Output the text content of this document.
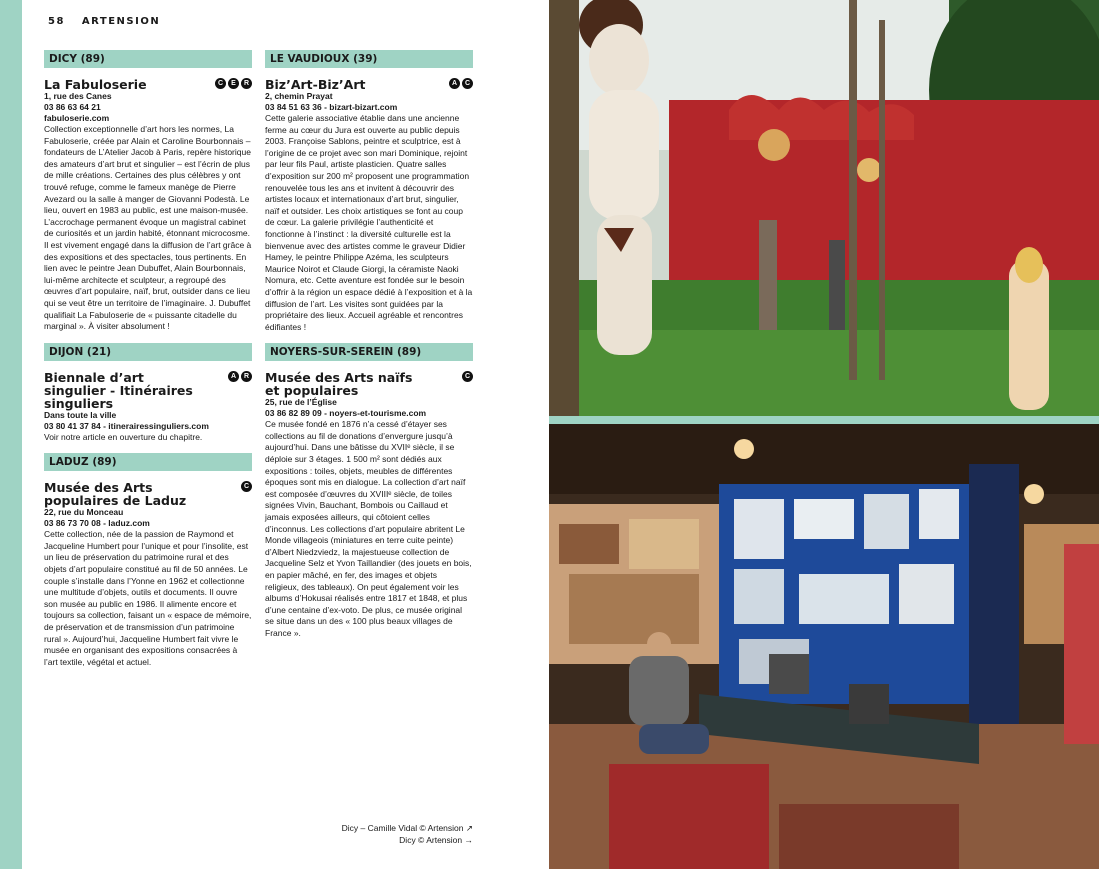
58 ARTENSION
DICY (89)
C E R
La Fabuloserie
1, rue des Canes
03 86 63 64 21
fabuloserie.com

Collection exceptionnelle d’art hors les normes, La Fabuloserie, créée par Alain et Caroline Bourbonnais – fondateurs de L’Atelier Jacob à Paris, repère historique des amateurs d’art brut et singulier – est l’écrin de plus de mille créations. Certaines des plus célèbres y ont trouvé refuge, comme le fameux manège de Pierre Avezard ou la salle à manger de Giovanni Podestà. Le lieu, ouvert en 1983 au public, est une maison-musée. L’accrochage permanent évoque un magistral cabinet de curiosités et un jardin habité, étonnant microcosme. Il est vivement engagé dans la diffusion de l’art grâce à des expositions et des spectacles, tous pertinents. En lien avec le peintre Jean Dubuffet, Alain Bourbonnais, lui-même architecte et sculpteur, a regroupé des œuvres d’art populaire, naïf, brut, outsider dans ce lieu qui se veut être un territoire de l’imaginaire. J. Dubuffet qualifiait La Fabuloserie de « puissante citadelle du marginal ». À visiter absolument !

DIJON (21)
A R
Biennale d’art singulier - Itinéraires singuliers
Dans toute la ville
03 80 41 37 84 - itinerairessinguliers.com

Voir notre article en ouverture du chapitre.

LADUZ (89)
C
Musée des Arts populaires de Laduz
22, rue du Monceau
03 86 73 70 08 - laduz.com

Cette collection, née de la passion de Raymond et Jacqueline Humbert pour l’unique et pour l’insolite, est un lieu de préservation du patrimoine rural et des objets d’art populaire constitué au fil de 50 années. Le couple s’installe dans l’Yonne en 1962 et collectionne une multitude d’objets, outils et documents. Il ouvre son musée au public en 1986. Il alimente encore et toujours sa collection, faisant un « espace de mémoire, de préservation et de transmission d’un patrimoine rural ». Aujourd’hui, Jacqueline Humbert fait vivre le musée en organisant des expositions consacrées à l’art textile, végétal et actuel.

LE VAUDIOUX (39)
A C
Biz’Art-Biz’Art
2, chemin Prayat
03 84 51 63 36 - bizart-bizart.com

Cette galerie associative établie dans une ancienne ferme au cœur du Jura est ouverte au public depuis 2003. Françoise Sablons, peintre et sculptrice, est à l’origine de ce projet avec son mari Dominique, rejoint par leur fils Paul, artiste plasticien. Quatre salles d’exposition sur 200 m² proposent une programmation renouvelée tous les ans et invitent à découvrir des artistes locaux et internationaux d’art brut, singulier, naïf et outsider. Les choix artistiques se font au coup de cœur. La galerie privilégie l’authenticité et fonctionne à l’instinct : la diversité culturelle est la bienvenue avec des artistes comme le graveur Didier Hamey, le peintre Philippe Azéma, les sculpteurs Maurice Noirot et Claude Giorgi, la céramiste Naoki Nomura, etc. Cette aventure est fondée sur le besoin d’offrir à la région un espace dédié à l’exposition et à la diffusion de l’art. Les visites sont guidées par la propriétaire des lieux. Accueil agréable et rencontres édifiantes !

NOYERS-SUR-SEREIN (89)
C
Musée des Arts naïfs et populaires
25, rue de l’Église
03 86 82 89 09 - noyers-et-tourisme.com

Ce musée fondé en 1876 n’a cessé d’étayer ses collections au fil de donations d’envergure jusqu’à aujourd’hui. Dans une bâtisse du XVIIᵉ siècle, il se déploie sur 3 étages. 1 500 m² sont dédiés aux expositions : toiles, objets, meubles de différentes époques sont mis en dialogue. La collection d’art naïf est composée d’œuvres du XVIIIᵉ siècle, de toiles signées Vivin, Bauchant, Bombois ou Caillaud et jamais exposées ailleurs, qui côtoient celles d’inconnus. Les collections d’art populaire abritent Le Monde villageois (miniatures en terre cuite peinte) d’Albert Niedzviedz, la majestueuse collection de Jacqueline Selz et Yvon Taillandier (des jouets en bois, en papier mâché, en fer, des images et objets religieux, des tableaux). On peut également voir les albums d’Hokusai réalisés entre 1817 et 1848, et plus d’une centaine d’ex-voto. De plus, ce musée original se situe dans un des « 100 plus beaux villages de France ».

Dicy – Camille Vidal © Artension ↗
Dicy © Artension →
